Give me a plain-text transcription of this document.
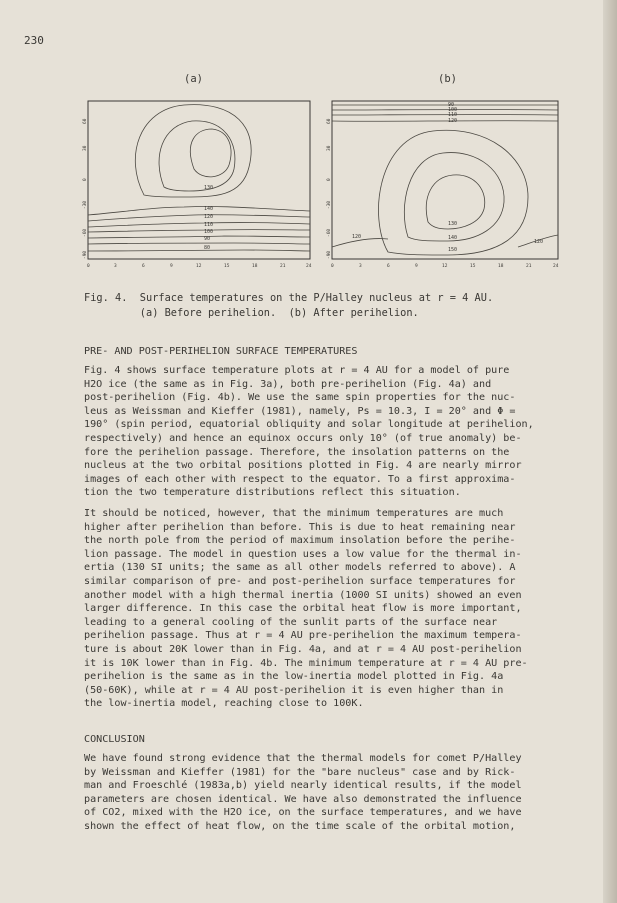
230
(a)	(b)
130
120
110
100
90
80
140
0	3	6	9	12	15	18	21	24
60
30
0
-30
-60
-90
90
100
110
120
120
130
140
150
120
0	3	6	9	12	15	18	21	24
60
30
0
-30
-60
-90
Fig. 4.  Surface temperatures on the P/Halley nucleus at r = 4 AU.
(a) Before perihelion.  (b) After perihelion.
PRE- AND POST-PERIHELION SURFACE TEMPERATURES
Fig. 4 shows surface temperature plots at r = 4 AU for a model of pure
H2O ice (the same as in Fig. 3a), both pre-perihelion (Fig. 4a) and
post-perihelion (Fig. 4b). We use the same spin properties for the nuc-
leus as Weissman and Kieffer (1981), namely, Ps = 10.3, I = 20° and Φ =
190° (spin period, equatorial obliquity and solar longitude at perihelion,
respectively) and hence an equinox occurs only 10° (of true anomaly) be-
fore the perihelion passage. Therefore, the insolation patterns on the
nucleus at the two orbital positions plotted in Fig. 4 are nearly mirror
images of each other with respect to the equator. To a first approxima-
tion the two temperature distributions reflect this situation.
It should be noticed, however, that the minimum temperatures are much
higher after perihelion than before. This is due to heat remaining near
the north pole from the period of maximum insolation before the perihe-
lion passage. The model in question uses a low value for the thermal in-
ertia (130 SI units; the same as all other models referred to above). A
similar comparison of pre- and post-perihelion surface temperatures for
another model with a high thermal inertia (1000 SI units) showed an even
larger difference. In this case the orbital heat flow is more important,
leading to a general cooling of the sunlit parts of the surface near
perihelion passage. Thus at r = 4 AU pre-perihelion the maximum tempera-
ture is about 20K lower than in Fig. 4a, and at r = 4 AU post-perihelion
it is 10K lower than in Fig. 4b. The minimum temperature at r = 4 AU pre-
perihelion is the same as in the low-inertia model plotted in Fig. 4a
(50-60K), while at r = 4 AU post-perihelion it is even higher than in
the low-inertia model, reaching close to 100K.
CONCLUSION
We have found strong evidence that the thermal models for comet P/Halley
by Weissman and Kieffer (1981) for the "bare nucleus" case and by Rick-
man and Froeschlé (1983a,b) yield nearly identical results, if the model
parameters are chosen identical. We have also demonstrated the influence
of CO2, mixed with the H2O ice, on the surface temperatures, and we have
shown the effect of heat flow, on the time scale of the orbital motion,
